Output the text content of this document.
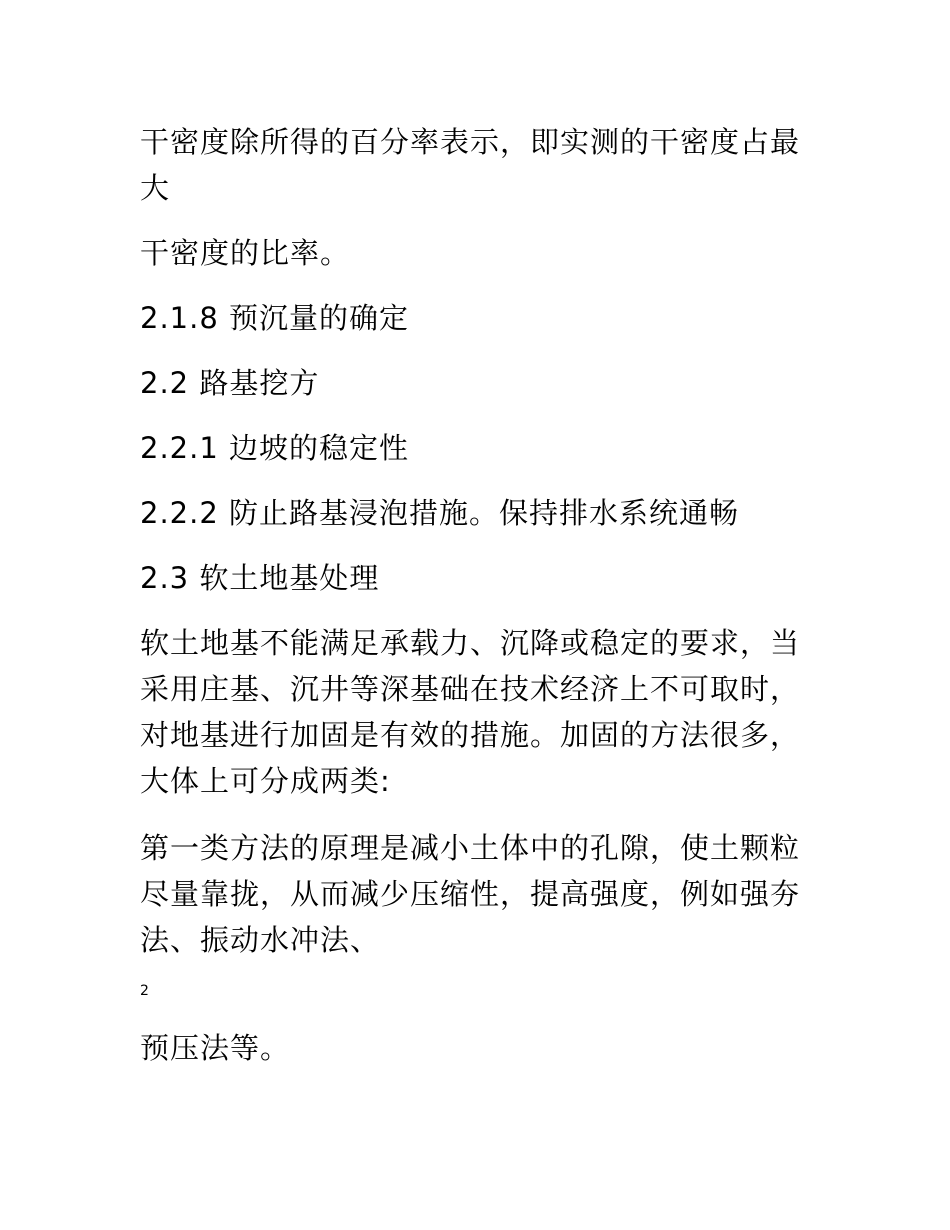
干密度除所得的百分率表示，即实测的干密度占最大

干密度的比率。

2.1.8 预沉量的确定

2.2 路基挖方

2.2.1 边坡的稳定性

2.2.2 防止路基浸泡措施。保持排水系统通畅

2.3 软土地基处理

软土地基不能满足承载力、沉降或稳定的要求，当采用庄基、沉井等深基础在技术经济上不可取时，对地基进行加固是有效的措施。加固的方法很多，大体上可分成两类:

第一类方法的原理是减小土体中的孔隙，使土颗粒尽量靠拢，从而减少压缩性，提高强度，例如强夯法、振动水冲法、

2

预压法等。
